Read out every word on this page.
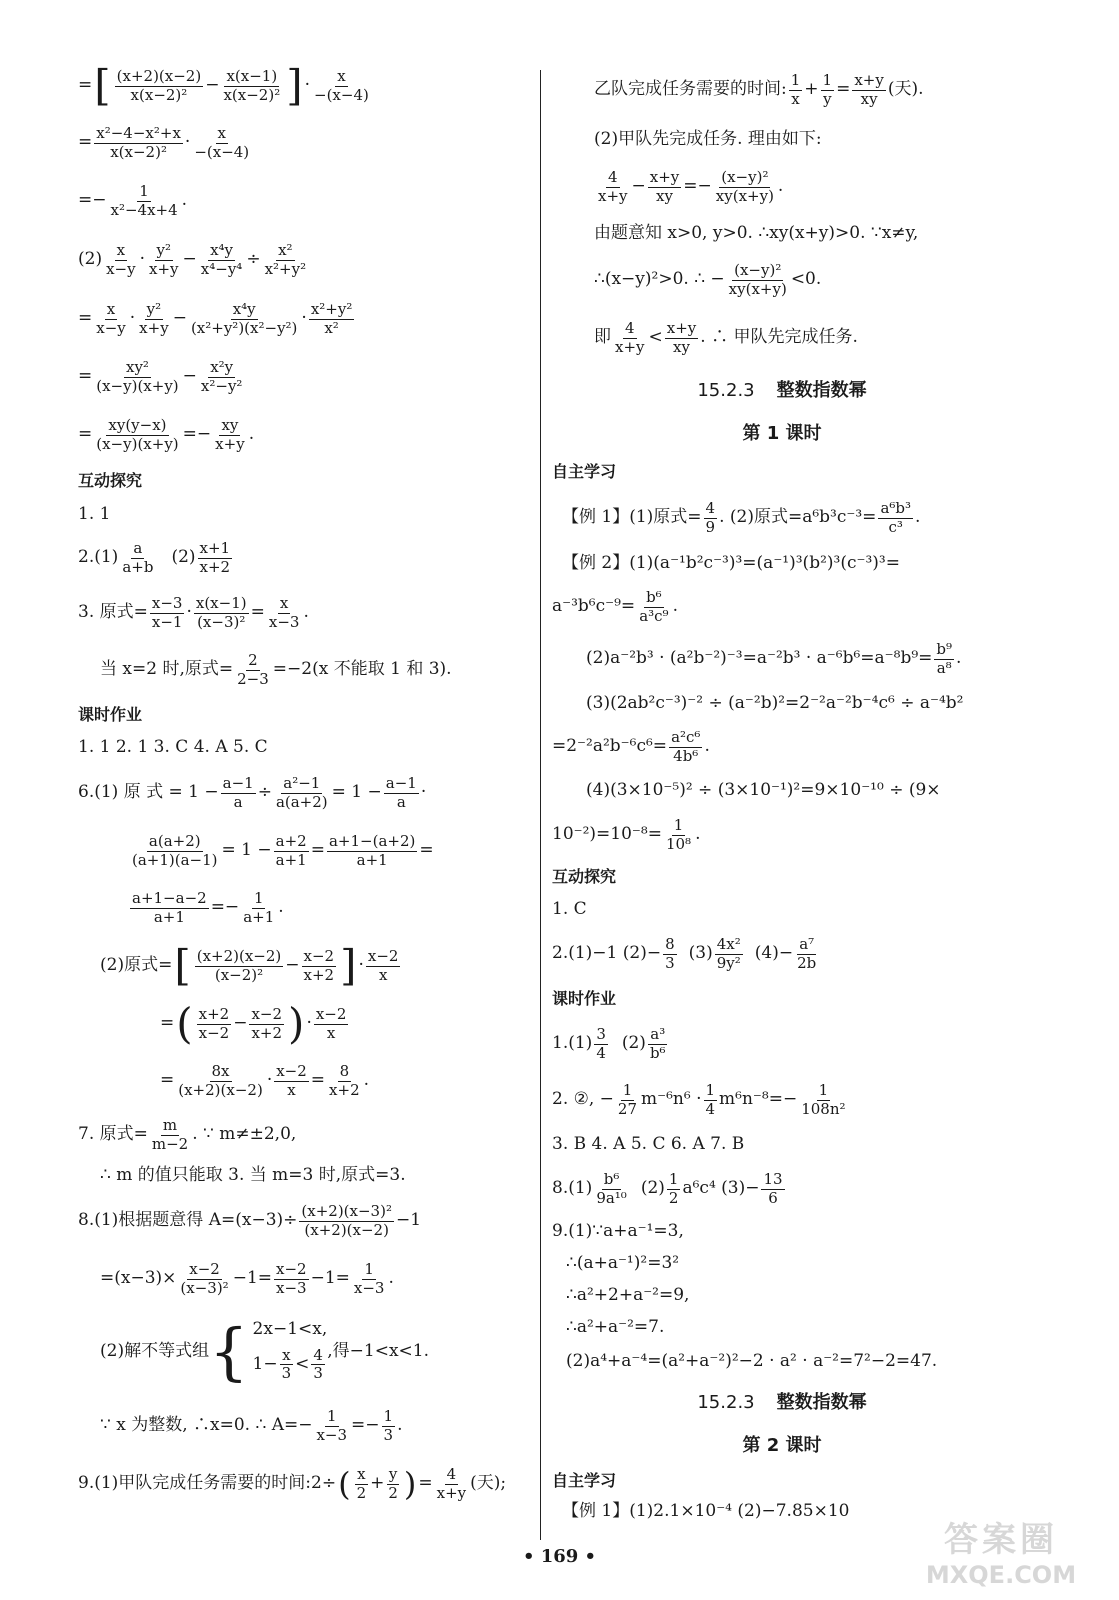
= [ (x+2)(x−2)
$x(x-2)^2 - \frac{x(x-1)}{\text{x(x−2)²}}$ ] · x
−(x−4)
= $\frac{\text{x²−4−x²+x}}{\text{x(x−2)²}} \cdot x$
−(x−4)
=− $\frac{1}{\text{x²−4x+4}}$ .
(2) x
x−y · y²
$x+y - \frac{\text{x⁴y}}{\text{x⁴−y⁴}} \div \frac{\text{x²}}{\text{x²+y²}}$
= $\frac{x}{x-y} \cdot y^2$
$x+y - \frac{\text{x⁴y}}{\text{(x²+y²)(x²−y²)}} \cdot x^2+y^2$
x²
= $\frac{\text{xy²}}{(x-y)(x+y)} - \frac{\text{x²y}}{\text{x²−y²}}$
= $\frac{xy(y-x)}{(x-y)(x+y)} =- \frac{xy}{x+y}$ .
互动探究
1. 1
2.(1) a
a+b (2) x+1
x+2
3. 原式= $\frac{x-3}{x-1} \cdot \frac{x(x-1)}{\text{(x−3)²}} = \frac{x}{x-3}$ .
当 x=2 时,原式= $\frac{2}{2-3} =-2(x$ 不能取 1 和 3).
课时作业
1. 1 2. 1 3. C 4. A 5. C
6.(1) 原 式 = $1 - \frac{a-1}{a} \div \frac{\text{a²−1}}{a(a+2)} = 1 - \frac{a-1}{a}$ ·
$\frac{a(a+2)}{(a+1)(a-1)} = 1 - \frac{a+2}{a+1} = \frac{a+1-(a+2)}{a+1}$ =
$\frac{a+1-a-2}{a+1} =- \frac{1}{a+1}$ .
(2)原式= [ (x+2)(x−2)
$(x-2)^2 - \frac{x-2}{x+2}$ ] · x−2
x
= ( x+2
$x-2 - \frac{x-2}{x+2}$ ) · x−2
x
= $\frac{8x}{(x+2)(x-2)} \cdot \frac{x-2}{x} = \frac{8}{x+2}$ .
7. 原式= $\frac{m}{m-2}$ . ∵ m≠±2,0,
∴ m 的值只能取 3. 当 m=3 时,原式=3.
8.(1)根据题意得 $A=(x-3)\div \frac{\text{(x+2)(x−3)²}}{(x+2)(x-2)} -1$
$=(x-3)\times \frac{x-2}{\text{(x−3)²}} -1= \frac{x-2}{x-3} -1= \frac{1}{x-3}$ .
(2)解不等式组 { 2x−1<x,
$1- \frac{x}{3} < 4$
3
,得−1<x<1.
∵ x 为整数, ∴x=0. ∴ $A=- \frac{1}{x-3} =- \frac{1}{3}$ .
9.(1)甲队完成任务需要的时间:2÷ ( x
$2 + \frac{y}{2}$ ) = $\frac{4}{x+y}$ (天);
乙队完成任务需要的时间: 1
$x + \frac{1}{y} = \frac{x+y}{xy}$ (天).
(2)甲队先完成任务. 理由如下:
4
$x+y - \frac{x+y}{xy} =- \frac{\text{(x−y)²}}{xy(x+y)}$ .
由题意知 x>0, y>0. ∴xy(x+y)>0. ∵x≠y,
∴(x−y)²>0. ∴ − $\frac{\text{(x−y)²}}{xy(x+y)} <0$.
即 4
x+y < x+y
xy . ∴ 甲队先完成任务.
15.2.3 整数指数幂
第 1 课时
自主学习
【例 1】(1)原式= $\frac{4}{9}$ . (2)原式$=a^6b^3c^{-3}= \frac{\text{a⁶b³}}{\text{c³}}$ .
【例 2】(1)(a⁻¹b²c⁻³)³=(a⁻¹)³(b²)³(c⁻³)³=
$a^{-3}b^6c^{-9}= \frac{\text{b⁶}}{\text{a³c⁹}}$ .
$(2)a^{-2}b^3 \cdot (a^2b^{-2})^{-3}=a^{-2}b^3 \cdot a^{-6}b^6=a^{-8}b^9= \frac{\text{b⁹}}{\text{a⁸}}$ .
(3)(2ab²c⁻³)⁻² ÷ (a⁻²b)²=2⁻²a⁻²b⁻⁴c⁶ ÷ a⁻⁴b²
$=2^{-2}a^2b^{-6}c^6= \frac{\text{a²c⁶}}{\text{4b⁶}}$ .
(4)(3×10⁻⁵)² ÷ (3×10⁻¹)²=9×10⁻¹⁰ ÷ (9×
$10^{-2})=10^{-8}= \frac{1}{\text{10⁸}}$ .
互动探究
1. C
2.(1)−1 $(2)- \frac{8}{3} (3)$ 4x²
9y² $(4)- \frac{\text{a⁷}}{2b}$
课时作业
1.(1) 3
4 (2) a³
b⁶
2. ②, − $\frac{1}{27} m^{-6}n^6 \cdot 1$
4 $m^6n^{-8}=- \frac{1}{\text{108n²}}$
3. B 4. A 5. C 6. A 7. B
8.(1) b⁶
9a¹⁰ (2) 1
2 a⁶c⁴ $(3)- \frac{13}{6}$
9.(1)∵a+a⁻¹=3,
∴(a+a⁻¹)²=3²
∴a²+2+a⁻²=9,
∴a²+a⁻²=7.
(2)a⁴+a⁻⁴=(a²+a⁻²)²−2 · a² · a⁻²=7²−2=47.
15.2.3 整数指数幂
第 2 课时
自主学习
【例 1】(1)2.1×10⁻⁴ (2)−7.85×10
• 169 •	答案圈
MXQE.COM
